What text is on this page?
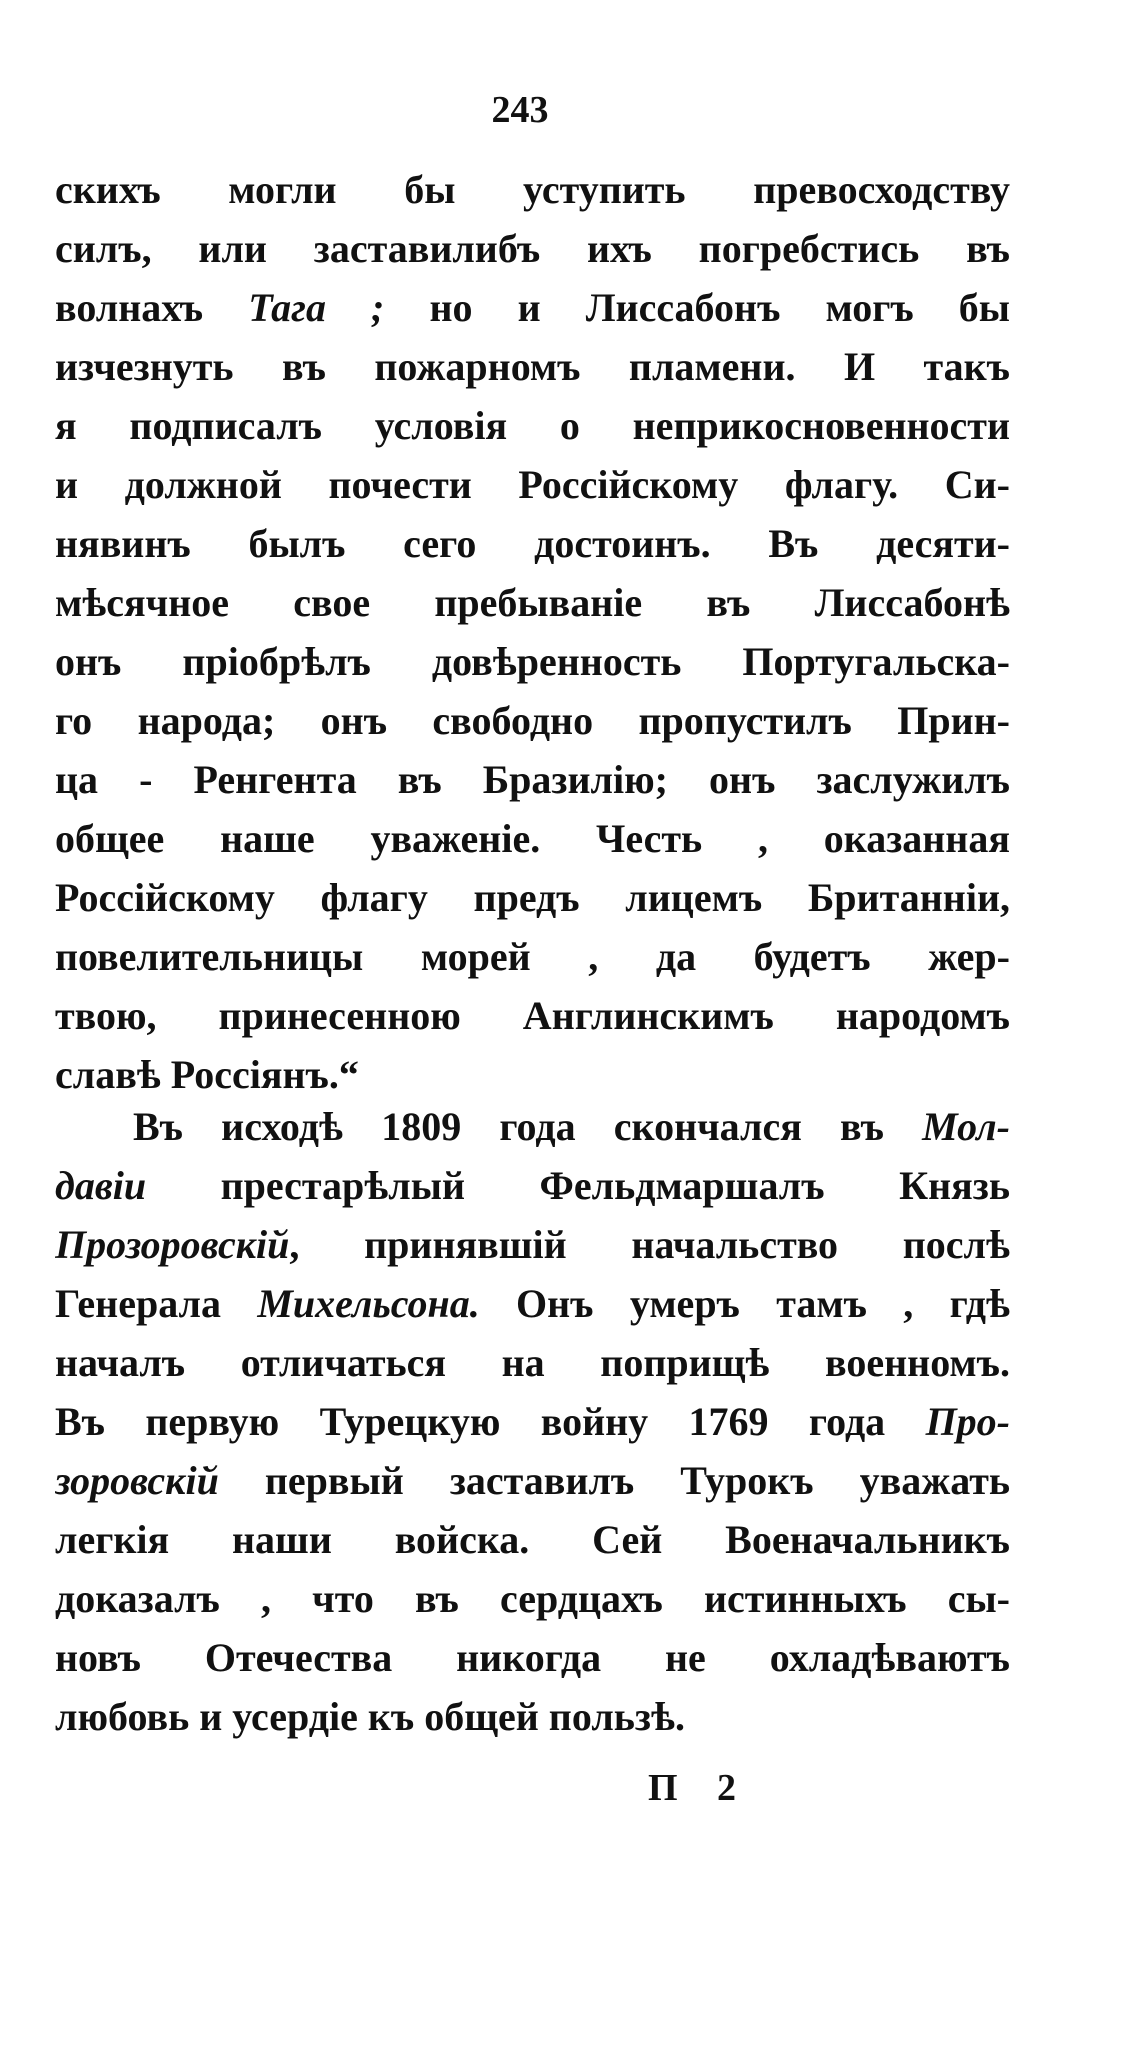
243
скихъ могли бы уступить превосходству
силъ, или заставилибъ ихъ погребстись въ
волнахъ Тага ; но и Лиссабонъ могъ бы
изчезнуть въ пожарномъ пламени. И такъ
я подписалъ условія о неприкосновенности
и должной почести Россійскому флагу. Си-
нявинъ былъ сего достоинъ. Въ десяти-
мѣсячное свое пребываніе въ Лиссабонѣ
онъ пріобрѣлъ довѣренность Португальска-
го народа; онъ свободно пропустилъ Прин-
ца - Ренгента въ Бразилію; онъ заслужилъ
общее наше уваженіе. Честь , оказанная
Россійскому флагу предъ лицемъ Британніи,
повелительницы морей , да будетъ жер-
твою, принесенною Англинскимъ народомъ
славѣ Россіянъ.“
Въ исходѣ 1809 года скончался въ Мол-
давіи престарѣлый Фельдмаршалъ Князь
Прозоровскій, принявшій начальство послѣ
Генерала Михельсона. Онъ умеръ тамъ , гдѣ
началъ отличаться на поприщѣ военномъ.
Въ первую Турецкую войну 1769 года Про-
зоровскій первый заставилъ Турокъ уважать
легкія наши войска. Сей Военачальникъ
доказалъ , что въ сердцахъ истинныхъ сы-
новъ Отечества никогда не охладѣваютъ
любовь и усердіе къ общей пользѣ.
П 2
